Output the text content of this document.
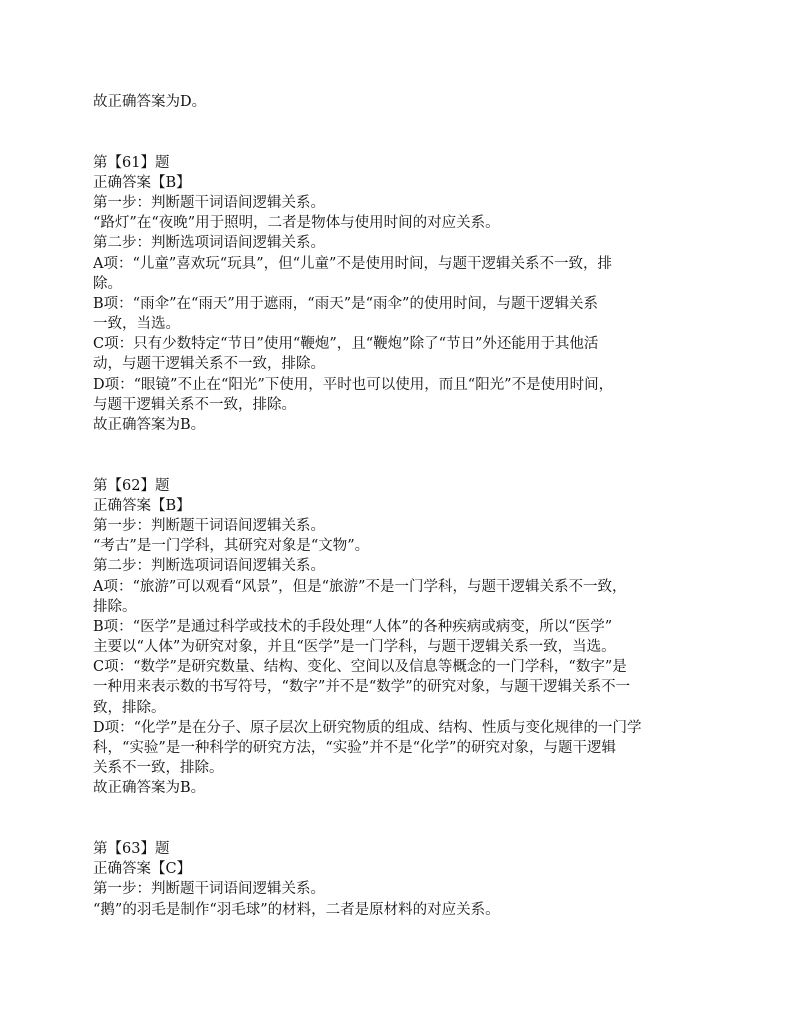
故正确答案为D。
第【61】题
正确答案【B】
第一步：判断题干词语间逻辑关系。
“路灯”在“夜晚”用于照明，二者是物体与使用时间的对应关系。
第二步：判断选项词语间逻辑关系。
A项：“儿童”喜欢玩“玩具”，但“儿童”不是使用时间，与题干逻辑关系不一致，排
除。
B项：“雨伞”在“雨天”用于遮雨，“雨天”是“雨伞”的使用时间，与题干逻辑关系
一致，当选。
C项：只有少数特定“节日”使用“鞭炮”，且“鞭炮”除了“节日”外还能用于其他活
动，与题干逻辑关系不一致，排除。
D项：“眼镜”不止在“阳光”下使用，平时也可以使用，而且“阳光”不是使用时间，
与题干逻辑关系不一致，排除。
故正确答案为B。
第【62】题
正确答案【B】
第一步：判断题干词语间逻辑关系。
“考古”是一门学科，其研究对象是“文物”。
第二步：判断选项词语间逻辑关系。
A项：“旅游”可以观看“风景”，但是“旅游”不是一门学科，与题干逻辑关系不一致，
排除。
B项：“医学”是通过科学或技术的手段处理“人体”的各种疾病或病变，所以“医学”
主要以“人体”为研究对象，并且“医学”是一门学科，与题干逻辑关系一致，当选。
C项：“数学”是研究数量、结构、变化、空间以及信息等概念的一门学科，“数字”是
一种用来表示数的书写符号，“数字”并不是“数学”的研究对象，与题干逻辑关系不一
致，排除。
D项：“化学”是在分子、原子层次上研究物质的组成、结构、性质与变化规律的一门学
科，“实验”是一种科学的研究方法，“实验”并不是“化学”的研究对象，与题干逻辑
关系不一致，排除。
故正确答案为B。
第【63】题
正确答案【C】
第一步：判断题干词语间逻辑关系。
“鹅”的羽毛是制作“羽毛球”的材料，二者是原材料的对应关系。
